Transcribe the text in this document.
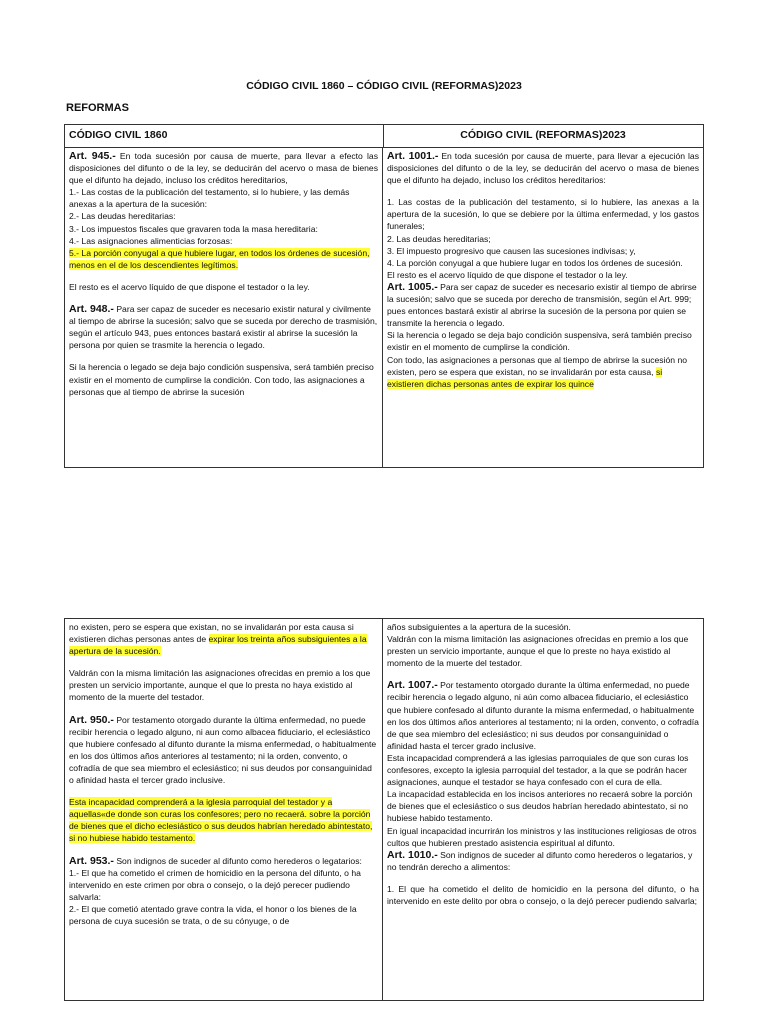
CÓDIGO CIVIL 1860 – CÓDIGO CIVIL (REFORMAS)2023
REFORMAS
CÓDIGO CIVIL 1860	CÓDIGO CIVIL (REFORMAS)2023

Art. 945.- En toda sucesión por causa de muerte, para llevar a efecto las disposiciones del difunto o de la ley, se deducirán del acervo o masa de bienes que el difunto ha dejado, incluso los créditos hereditarios,

1.- Las costas de la publicación del testamento, si lo hubiere, y las demás anexas a la apertura de la sucesión:

2.- Las deudas hereditarias:

3.- Los impuestos fiscales que gravaren toda la masa hereditaria:

4.- Las asignaciones alimenticias forzosas:

5.- La porción conyugal a que hubiere lugar, en todos los órdenes de sucesión, menos en el de los descendientes legítimos.

El resto es el acervo líquido de que dispone el testador o la ley.

Art. 948.- Para ser capaz de suceder es necesario existir natural y civilmente al tiempo de abrirse la sucesión; salvo que se suceda por derecho de trasmisión, según el artículo 943, pues entonces bastará existir al abrirse la sucesión la persona por quien se trasmite la herencia o legado.

Si la herencia o legado se deja bajo condición suspensiva, será también preciso existir en el momento de cumplirse la condición. Con todo, las asignaciones a personas que al tiempo de abrirse la sucesión

Art. 1001.- En toda sucesión por causa de muerte, para llevar a ejecución las disposiciones del difunto o de la ley, se deducirán del acervo o masa de bienes que el difunto ha dejado, incluso los créditos hereditarios:

1. Las costas de la publicación del testamento, si lo hubiere, las anexas a la apertura de la sucesión, lo que se debiere por la última enfermedad, y los gastos funerales;

2. Las deudas hereditarias;

3. El impuesto progresivo que causen las sucesiones indivisas; y,

4. La porción conyugal a que hubiere lugar en todos los órdenes de sucesión.

El resto es el acervo líquido de que dispone el testador o la ley.

Art. 1005.- Para ser capaz de suceder es necesario existir al tiempo de abrirse la sucesión; salvo que se suceda por derecho de transmisión, según el Art. 999; pues entonces bastará existir al abrirse la sucesión de la persona por quien se transmite la herencia o legado.

Si la herencia o legado se deja bajo condición suspensiva, será también preciso existir en el momento de cumplirse la condición.

Con todo, las asignaciones a personas que al tiempo de abrirse la sucesión no existen, pero se espera que existan, no se invalidarán por esta causa, si existieren dichas personas antes de expirar los quince

no existen, pero se espera que existan, no se invalidarán por esta causa si existieren dichas personas antes de expirar los treinta años subsiguientes a la apertura de la sucesión.

Valdrán con la misma limitación las asignaciones ofrecidas en premio a los que presten un servicio importante, aunque el que lo presta no haya existido al momento de la muerte del testador.

Art. 950.- Por testamento otorgado durante la última enfermedad, no puede recibir herencia o legado alguno, ni aun como albacea fiduciario, el eclesiástico que hubiere confesado al difunto durante la misma enfermedad, o habitualmente en los dos últimos años anteriores al testamento; ni la orden, convento, o cofradía de que sea miembro el eclesiástico; ni sus deudos por consanguinidad o afinidad hasta el tercer grado inclusive.

Esta incapacidad comprenderá a la iglesia parroquial del testador y a aquellas«de donde son curas los confesores; pero no recaerá. sobre la porción de bienes que el dicho eclesiástico o sus deudos habrían heredado abintestato, si no hubiese habido testamento.

Art. 953.- Son indignos de suceder al difunto como herederos o legatarios:

1.- El que ha cometido el crimen de homicidio en la persona del difunto, o ha intervenido en este crimen por obra o consejo, o la dejó perecer pudiendo salvarla:

2.- El que cometió atentado grave contra la vida, el honor o los bienes de la persona de cuya sucesión se trata, o de su cónyuge, o de

años subsiguientes a la apertura de la sucesión.

Valdrán con la misma limitación las asignaciones ofrecidas en premio a los que presten un servicio importante, aunque el que lo preste no haya existido al momento de la muerte del testador.

Art. 1007.- Por testamento otorgado durante la última enfermedad, no puede recibir herencia o legado alguno, ni aún como albacea fiduciario, el eclesiástico que hubiere confesado al difunto durante la misma enfermedad, o habitualmente en los dos últimos años anteriores al testamento; ni la orden, convento, o cofradía de que sea miembro del eclesiástico; ni sus deudos por consanguinidad o afinidad hasta el tercer grado inclusive.

Esta incapacidad comprenderá a las iglesias parroquiales de que son curas los confesores, excepto la iglesia parroquial del testador, a la que se podrán hacer asignaciones, aunque el testador se haya confesado con el cura de ella.

La incapacidad establecida en los incisos anteriores no recaerá sobre la porción de bienes que el eclesiástico o sus deudos habrían heredado abintestato, si no hubiese habido testamento.

En igual incapacidad incurrirán los ministros y las instituciones religiosas de otros cultos que hubieren prestado asistencia espiritual al difunto.

Art. 1010.- Son indignos de suceder al difunto como herederos o legatarios, y no tendrán derecho a alimentos:

1. El que ha cometido el delito de homicidio en la persona del difunto, o ha intervenido en este delito por obra o consejo, o la dejó perecer pudiendo salvarla;
